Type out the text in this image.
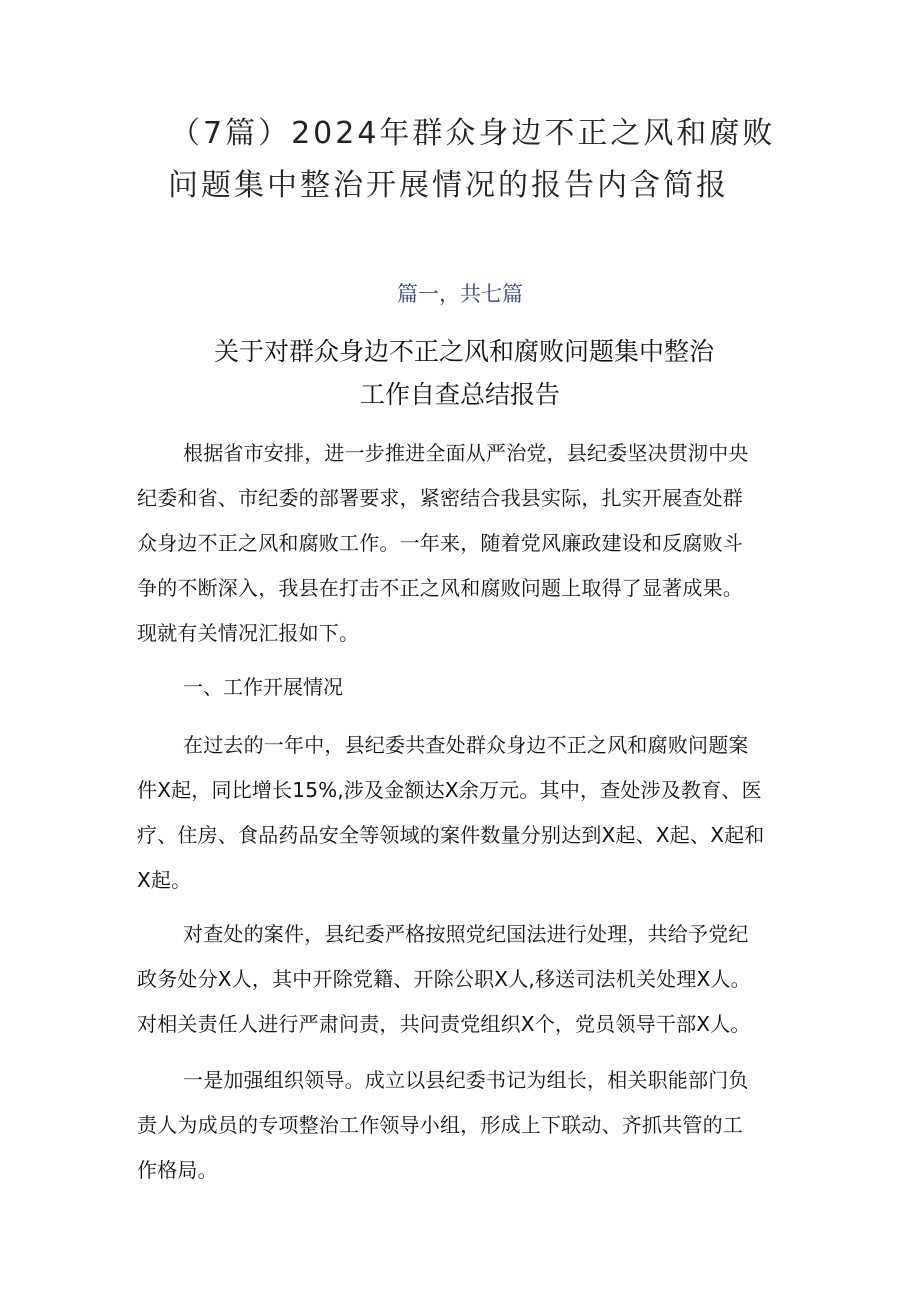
（7篇）2024年群众身边不正之风和腐败
问题集中整治开展情况的报告内含简报
篇一，共七篇
关于对群众身边不正之风和腐败问题集中整治
工作自查总结报告

根据省市安排，进一步推进全面从严治党，县纪委坚决贯沏中央
纪委和省、市纪委的部署要求，紧密结合我县实际，扎实开展查处群
众身边不正之风和腐败工作。一年来，随着党风廉政建设和反腐败斗
争的不断深入，我县在打击不正之风和腐败问题上取得了显著成果。
现就有关情况汇报如下。

一、工作开展情况

在过去的一年中，县纪委共查处群众身边不正之风和腐败问题案
件X起，同比增长15%,涉及金额达X余万元。其中，查处涉及教育、医
疗、住房、食品药品安全等领域的案件数量分别达到X起、X起、X起和
X起。

对查处的案件，县纪委严格按照党纪国法进行处理，共给予党纪
政务处分X人，其中开除党籍、开除公职X人,移送司法机关处理X人。
对相关责任人进行严肃问责，共问责党组织X个，党员领导干部X人。

一是加强组织领导。成立以县纪委书记为组长，相关职能部门负
责人为成员的专项整治工作领导小组，形成上下联动、齐抓共管的工
作格局。
